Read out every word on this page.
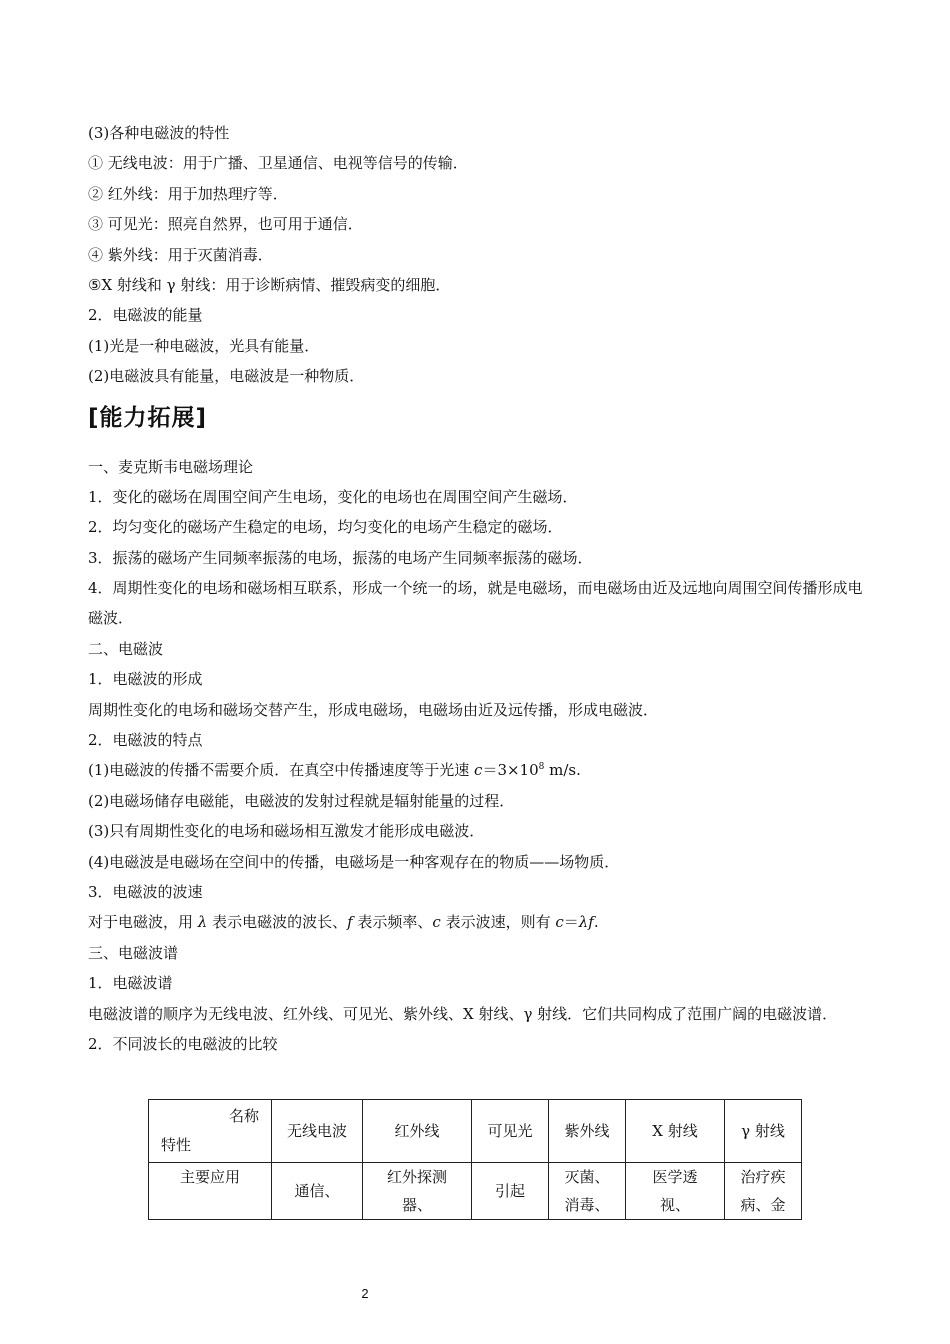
(3)各种电磁波的特性
① 无线电波：用于广播、卫星通信、电视等信号的传输．
② 红外线：用于加热理疗等．
③ 可见光：照亮自然界，也可用于通信．
④ 紫外线：用于灭菌消毒．
⑤X 射线和 γ 射线：用于诊断病情、摧毁病变的细胞．
2．电磁波的能量
(1)光是一种电磁波，光具有能量．
(2)电磁波具有能量，电磁波是一种物质．
[能力拓展]
一、麦克斯韦电磁场理论
1．变化的磁场在周围空间产生电场，变化的电场也在周围空间产生磁场．
2．均匀变化的磁场产生稳定的电场，均匀变化的电场产生稳定的磁场．
3．振荡的磁场产生同频率振荡的电场，振荡的电场产生同频率振荡的磁场．
4．周期性变化的电场和磁场相互联系，形成一个统一的场，就是电磁场，而电磁场由近及远地向周围空间传播形成电磁波．
二、电磁波
1．电磁波的形成
周期性变化的电场和磁场交替产生，形成电磁场，电磁场由近及远传播，形成电磁波．
2．电磁波的特点
(1)电磁波的传播不需要介质．在真空中传播速度等于光速 $c=3\times 10^8$ m/s.
(2)电磁场储存电磁能，电磁波的发射过程就是辐射能量的过程．
(3)只有周期性变化的电场和磁场相互激发才能形成电磁波．
(4)电磁波是电磁场在空间中的传播，电磁场是一种客观存在的物质——场物质．
3．电磁波的波速
对于电磁波，用 λ 表示电磁波的波长、f 表示频率、c 表示波速，则有 c＝λf.
三、电磁波谱
1．电磁波谱
电磁波谱的顺序为无线电波、红外线、可见光、紫外线、X 射线、γ 射线．它们共同构成了范围广阔的电磁波谱．
2．不同波长的电磁波的比较
名称
特性	无线电波	红外线	可见光	紫外线	X 射线	γ 射线
主要应用	通信、	红外探测器、	引起	灭菌、消毒、	医学透视、	治疗疾病、金
2
